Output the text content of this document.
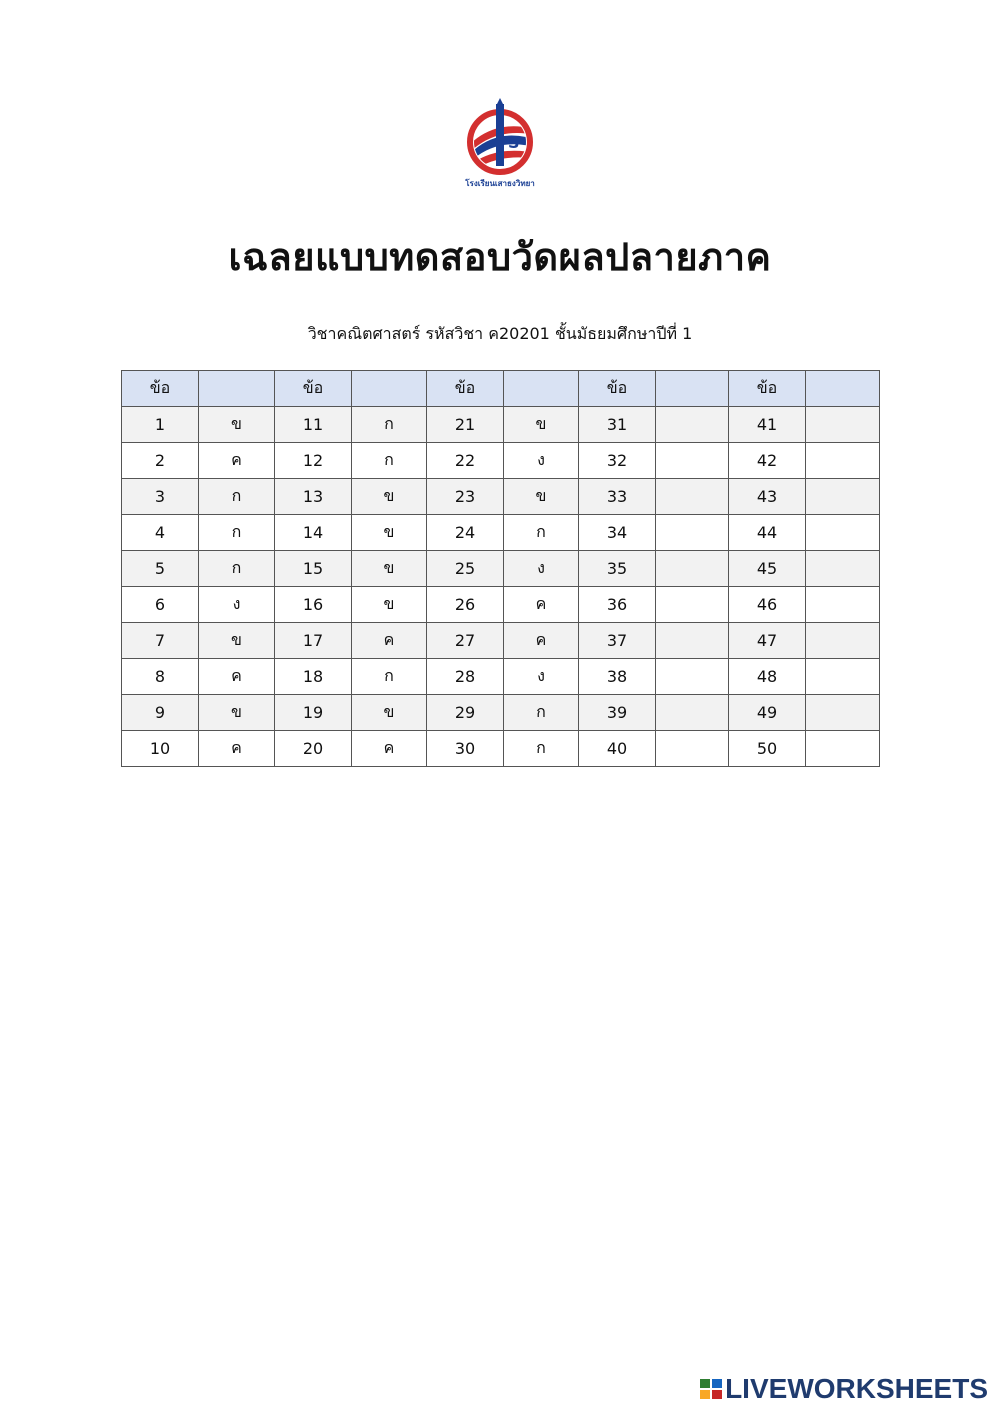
S
โรงเรียนเสาธงวิทยา
เฉลยแบบทดสอบวัดผลปลายภาค
วิชาคณิตศาสตร์ รหัสวิชา ค20201 ชั้นมัธยมศึกษาปีที่ 1
ข้อ		ข้อ		ข้อ		ข้อ		ข้อ	
1	ข	11	ก	21	ข	31		41	
2	ค	12	ก	22	ง	32		42	
3	ก	13	ข	23	ข	33		43	
4	ก	14	ข	24	ก	34		44	
5	ก	15	ข	25	ง	35		45	
6	ง	16	ข	26	ค	36		46	
7	ข	17	ค	27	ค	37		47	
8	ค	18	ก	28	ง	38		48	
9	ข	19	ข	29	ก	39		49	
10	ค	20	ค	30	ก	40		50	
LIVEWORKSHEETS
